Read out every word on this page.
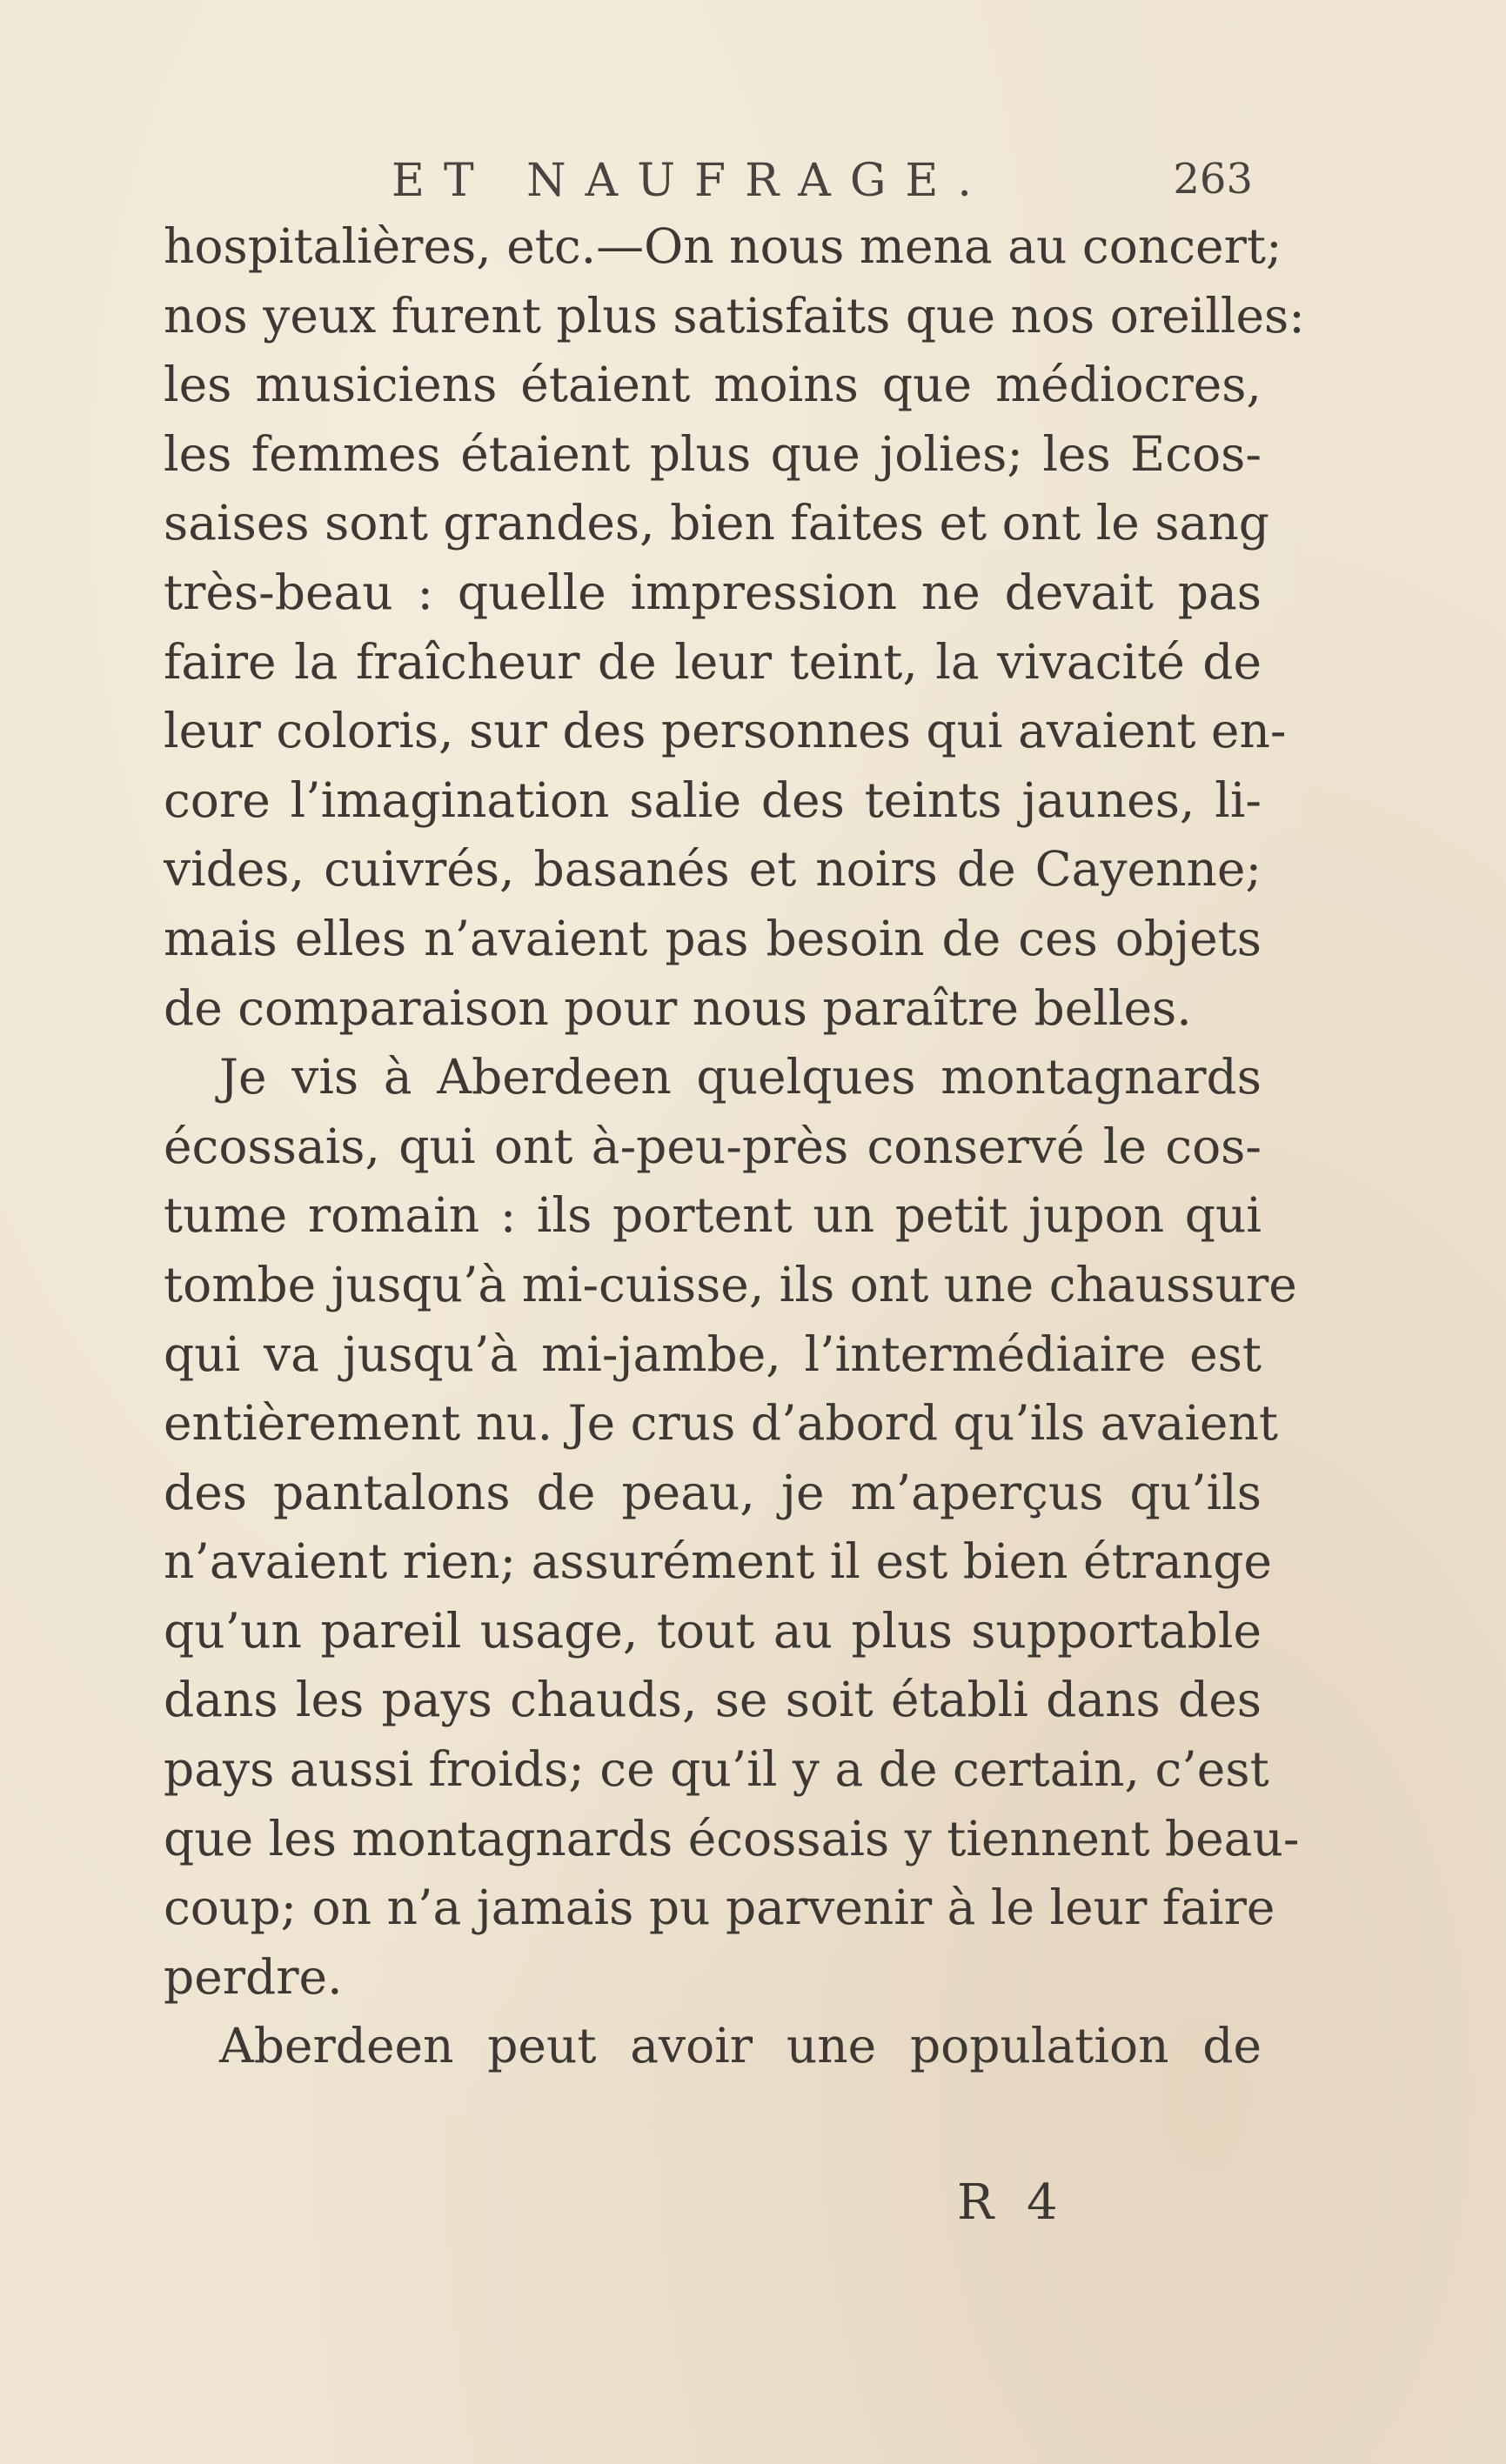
ET NAUFRAGE.	263
hospitalières, etc.—On nous mena au concert;
nos yeux furent plus satisfaits que nos oreilles:
les musiciens étaient moins que médiocres,
les femmes étaient plus que jolies; les Ecos-
saises sont grandes, bien faites et ont le sang
très-beau : quelle impression ne devait pas
faire la fraîcheur de leur teint, la vivacité de
leur coloris, sur des personnes qui avaient en-
core l’imagination salie des teints jaunes, li-
vides, cuivrés, basanés et noirs de Cayenne;
mais elles n’avaient pas besoin de ces objets
de comparaison pour nous paraître belles.
Je vis à Aberdeen quelques montagnards
écossais, qui ont à-peu-près conservé le cos-
tume romain : ils portent un petit jupon qui
tombe jusqu’à mi-cuisse, ils ont une chaussure
qui va jusqu’à mi-jambe, l’intermédiaire est
entièrement nu. Je crus d’abord qu’ils avaient
des pantalons de peau, je m’aperçus qu’ils
n’avaient rien; assurément il est bien étrange
qu’un pareil usage, tout au plus supportable
dans les pays chauds, se soit établi dans des
pays aussi froids; ce qu’il y a de certain, c’est
que les montagnards écossais y tiennent beau-
coup; on n’a jamais pu parvenir à le leur faire
perdre.
Aberdeen peut avoir une population de
R 4
